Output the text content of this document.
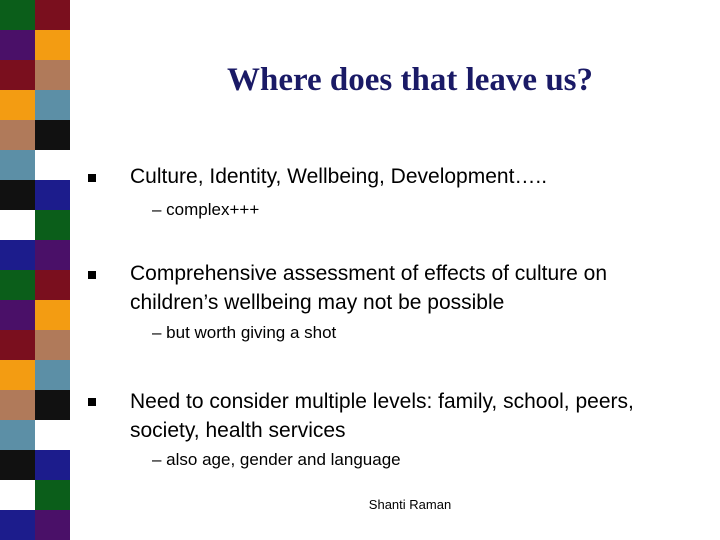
Where does that leave us?
Culture, Identity, Wellbeing, Development…..
– complex+++
Comprehensive assessment of effects of culture on children’s wellbeing may not be possible
– but worth giving a shot
Need to consider multiple levels: family, school, peers, society, health services
– also age, gender and language
Shanti Raman
